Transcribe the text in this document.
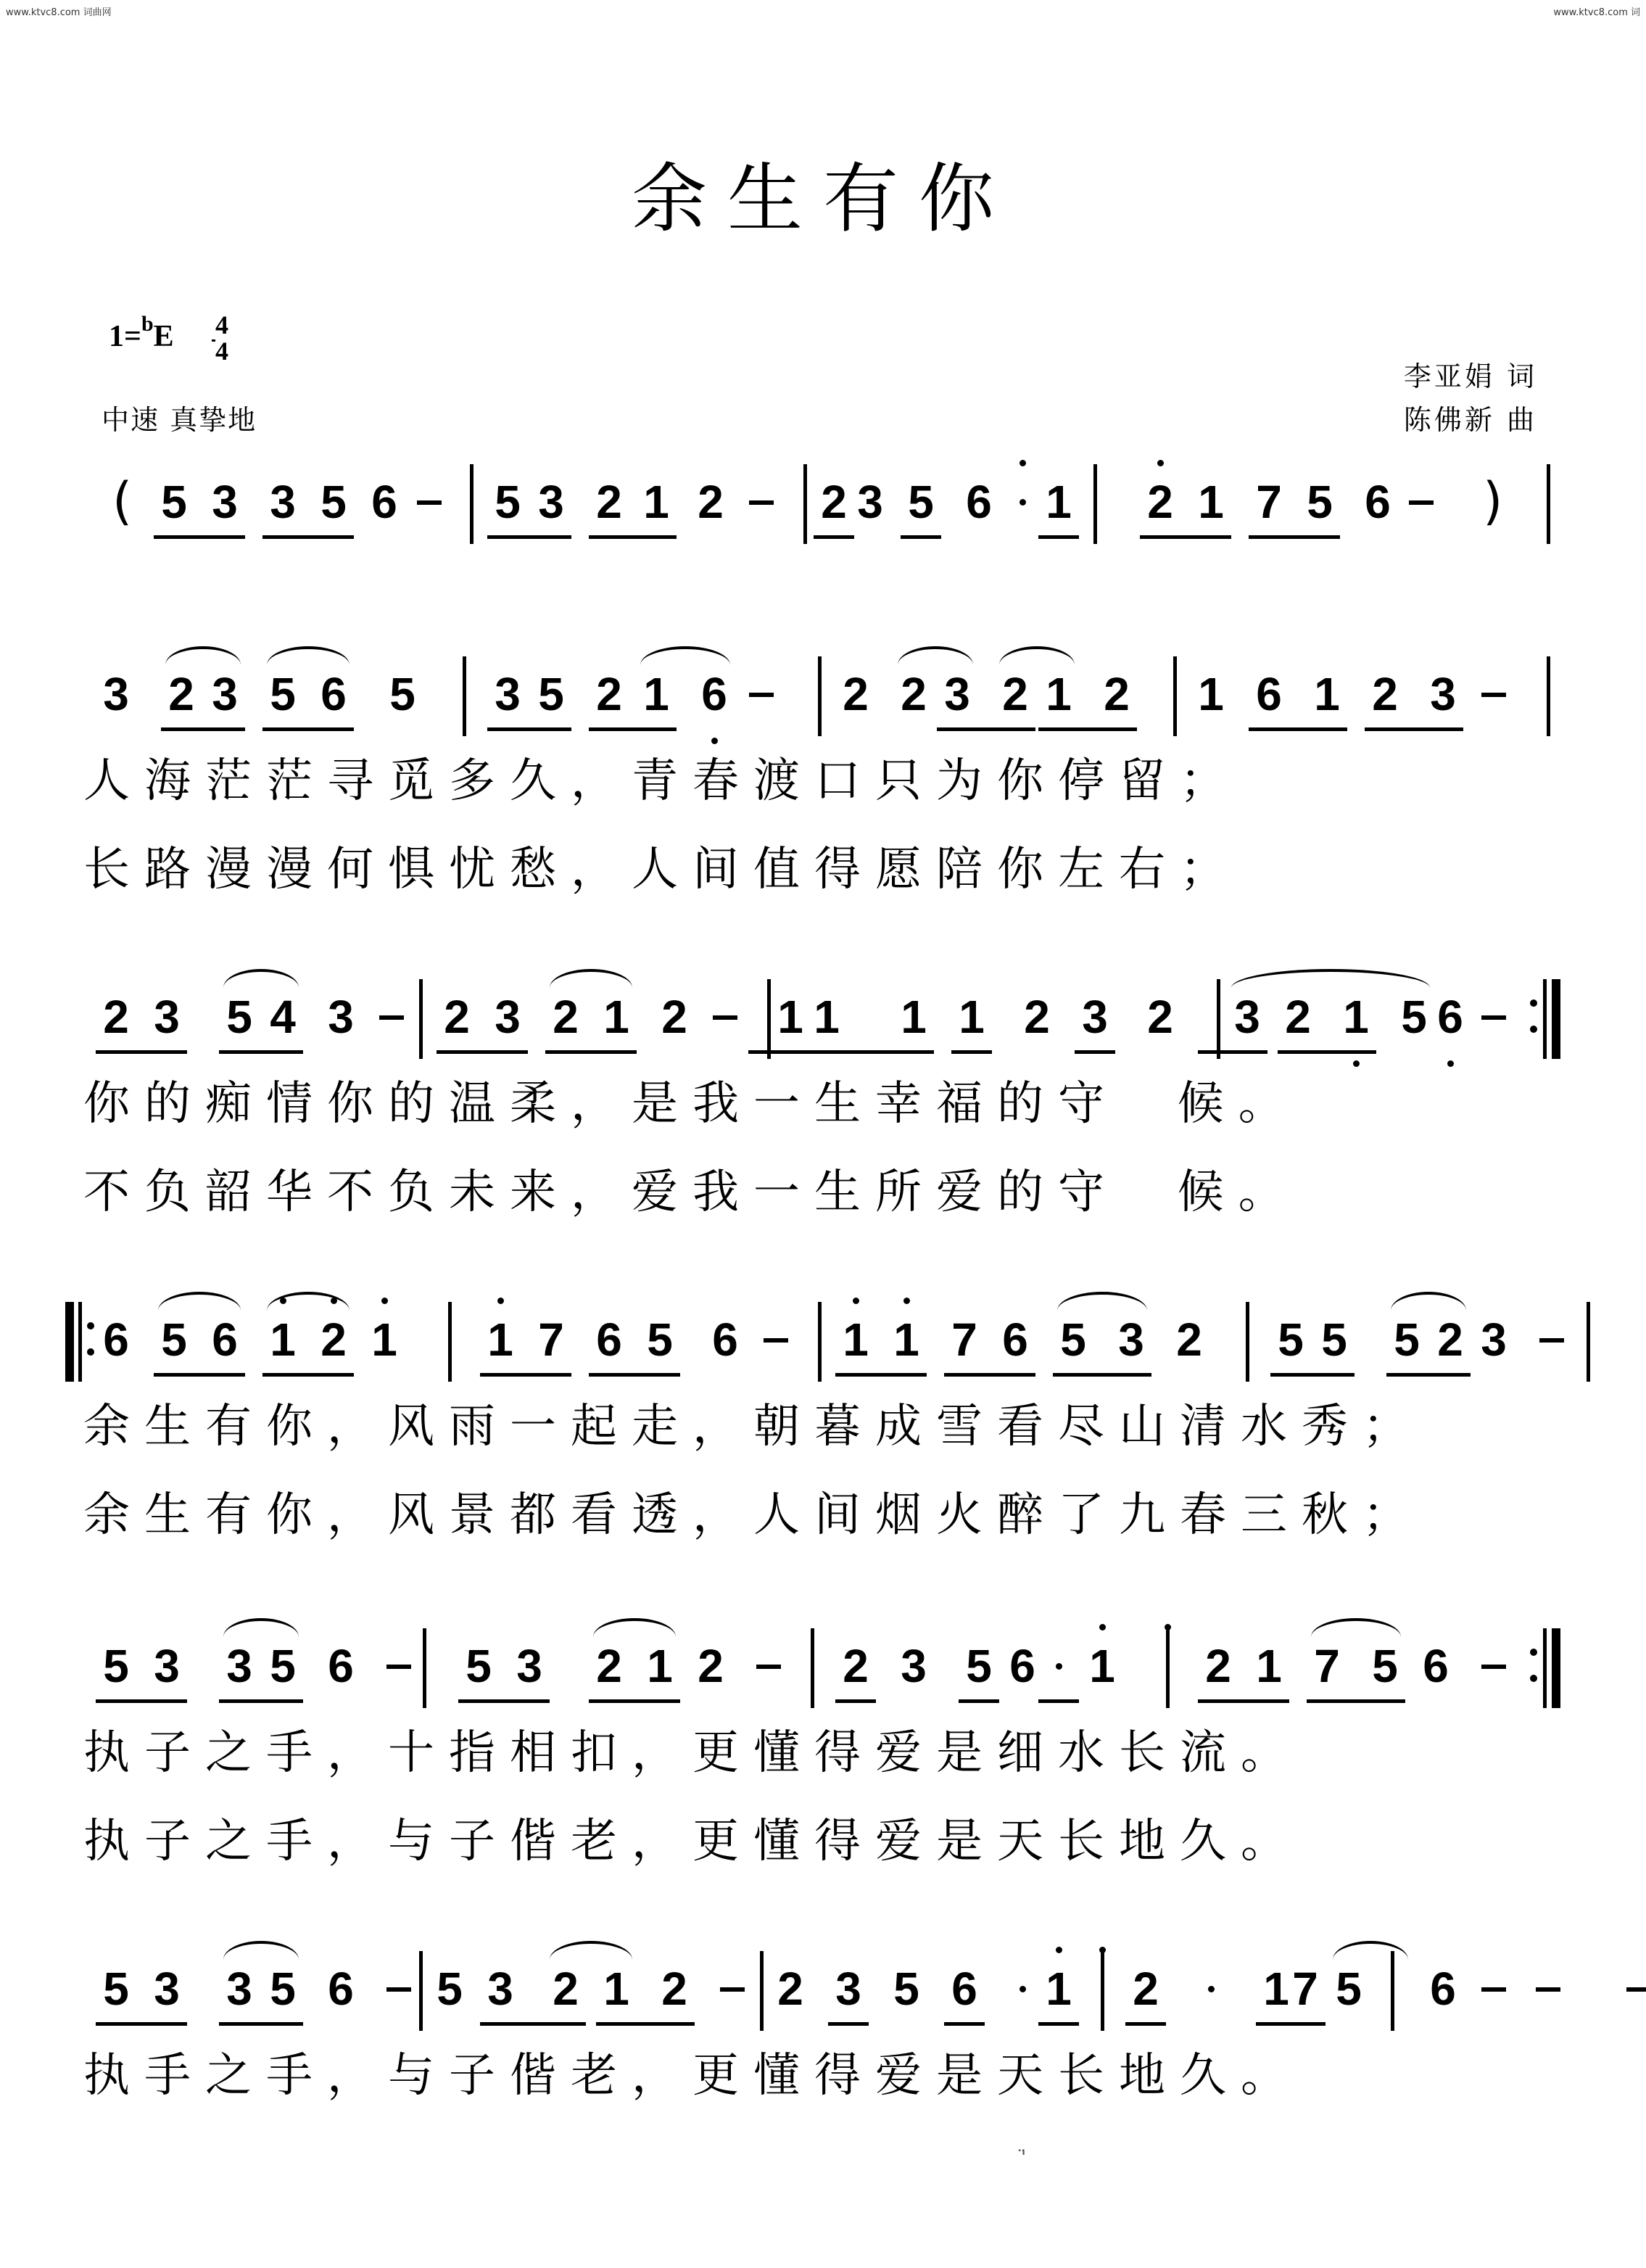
www.ktvc8.com 词曲网	www.ktvc8.com 词
余生有你
1=$^b$E 4
4
中速 真挚地
李亚娟 词
陈佛新 曲
( 5 3 3 5 6 5 3 2 1 2 2 3 5 6 1 2 1 7 5 6 )
3 2 3 5 6 5 3 5 2 1 6 2 2 3 2 1 2 1 6 1 2 3
人海茫茫寻觅多久，青春渡口只为你停留；
长路漫漫何惧忧愁，人间值得愿陪你左右；
2 3 5 4 3 2 3 2 1 2 1 1 1 1 2 3 2 3 2 1 5 6
你的痴情你的温柔，是我一生幸福的守  候。
不负韶华不负未来，爱我一生所爱的守  候。
6 5 6 1 2 1 1 7 6 5 6 1 1 7 6 5 3 2 5 5 5 2 3
余生有你，风雨一起走，朝暮成雪看尽山清水秀；
余生有你，风景都看透，人间烟火醉了九春三秋；
5 3 3 5 6 5 3 2 1 2	2 3 5 6 1 2 1 7 5 6
执子之手，十指相扣，更懂得爱是细水长流。
执子之手，与子偕老，更懂得爱是天长地久。
5 3 3 5 6 5 3 2 1 2 2 3 5 6 1 2 1 7 5 6
执手之手，与子偕老，更懂得爱是天长地久。
'̈
